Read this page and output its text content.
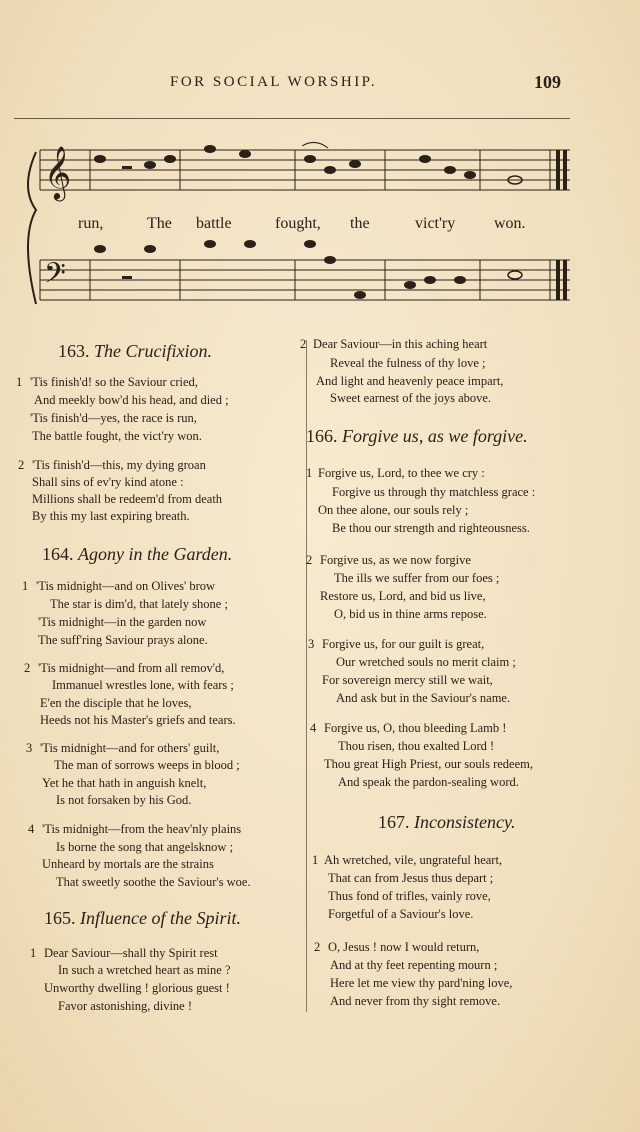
FOR SOCIAL WORSHIP.	109
𝄞
run,	The battle	fought, the	vict'ry won.
𝄢
163. The Crucifixion.
1 'Tis finish'd! so the Saviour cried,
And meekly bow'd his head, and died ;
'Tis finish'd—yes, the race is run,
The battle fought, the vict'ry won.
2 'Tis finish'd—this, my dying groan
Shall sins of ev'ry kind atone :
Millions shall be redeem'd from death
By this my last expiring breath.
164. Agony in the Garden.
1 'Tis midnight—and on Olives' brow
The star is dim'd, that lately shone ;
'Tis midnight—in the garden now
The suff'ring Saviour prays alone.
2 'Tis midnight—and from all remov'd,
Immanuel wrestles lone, with fears ;
E'en the disciple that he loves,
Heeds not his Master's griefs and tears.
3 'Tis midnight—and for others' guilt,
The man of sorrows weeps in blood ;
Yet he that hath in anguish knelt,
Is not forsaken by his God.
4 'Tis midnight—from the heav'nly plains
Is borne the song that angelsknow ;
Unheard by mortals are the strains
That sweetly soothe the Saviour's woe.
165. Influence of the Spirit.
1 Dear Saviour—shall thy Spirit rest
In such a wretched heart as mine ?
Unworthy dwelling ! glorious guest !
Favor astonishing, divine !
2 Dear Saviour—in this aching heart
Reveal the fulness of thy love ;
And light and heavenly peace impart,
Sweet earnest of the joys above.
166. Forgive us, as we forgive.
1 Forgive us, Lord, to thee we cry :
Forgive us through thy matchless grace :
On thee alone, our souls rely ;
Be thou our strength and righteousness.
2 Forgive us, as we now forgive
The ills we suffer from our foes ;
Restore us, Lord, and bid us live,
O, bid us in thine arms repose.
3 Forgive us, for our guilt is great,
Our wretched souls no merit claim ;
For sovereign mercy still we wait,
And ask but in the Saviour's name.
4 Forgive us, O, thou bleeding Lamb !
Thou risen, thou exalted Lord !
Thou great High Priest, our souls redeem,
And speak the pardon-sealing word.
167. Inconsistency.
1 Ah wretched, vile, ungrateful heart,
That can from Jesus thus depart ;
Thus fond of trifles, vainly rove,
Forgetful of a Saviour's love.
2 O, Jesus ! now I would return,
And at thy feet repenting mourn ;
Here let me view thy pard'ning love,
And never from thy sight remove.
